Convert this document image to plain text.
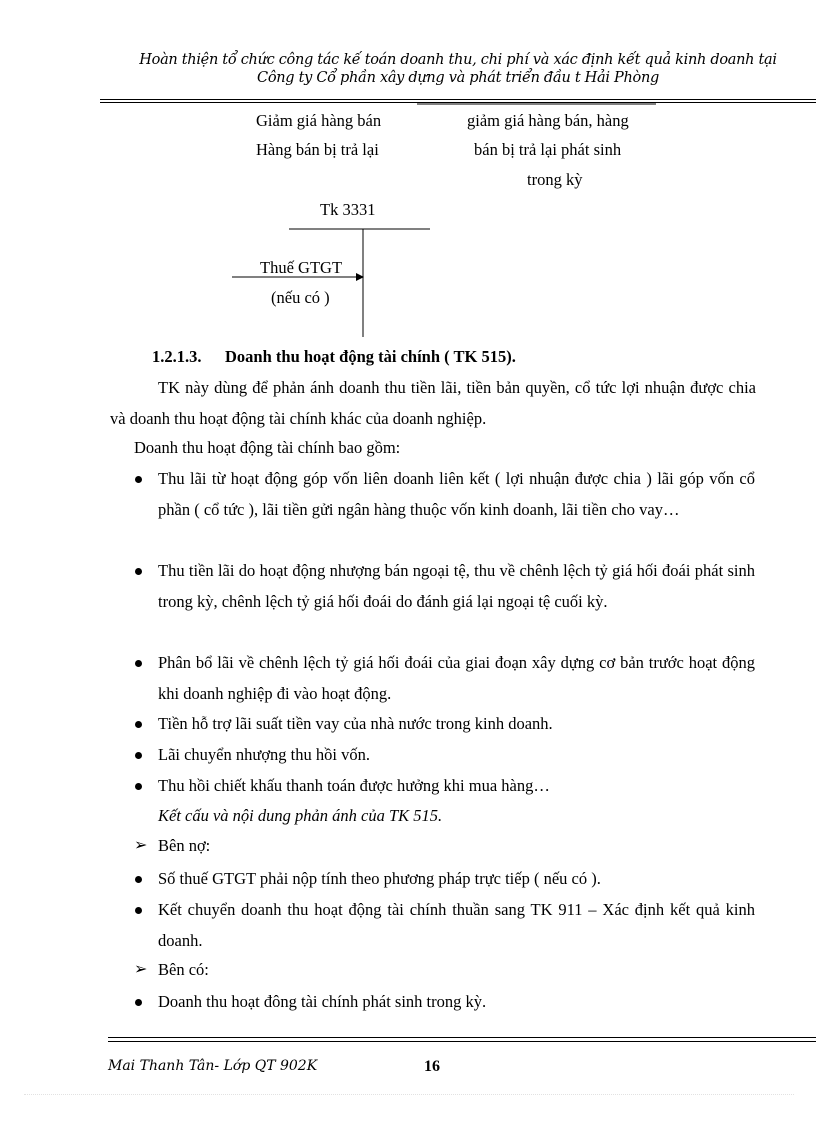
Hoàn thiện tổ chức công tác kế toán doanh thu, chi phí và xác định kết quả kinh doanh tại
Công ty Cổ phần xây dựng và phát triển đầu t Hải Phòng
Giảm giá hàng bán
Hàng bán bị trả lại
giảm giá hàng bán, hàng
bán bị trả lại phát sinh
trong kỳ
Tk 3331
Thuế GTGT
(nếu có )
1.2.1.3. Doanh thu hoạt động tài chính ( TK 515).
TK này dùng để phản ánh doanh thu tiền lãi, tiền bản quyền, cổ tức lợi nhuận được chia và doanh thu hoạt động tài chính khác của doanh nghiệp.
Doanh thu hoạt động tài chính bao gồm:
Thu lãi từ hoạt động góp vốn liên doanh liên kết ( lợi nhuận được chia ) lãi góp vốn cổ phần ( cổ tức ), lãi tiền gửi ngân hàng thuộc vốn kinh doanh, lãi tiền cho vay…
Thu tiền lãi do hoạt động nhượng bán ngoại tệ, thu về chênh lệch tỷ giá hối đoái phát sinh trong kỳ, chênh lệch tỷ giá hối đoái do đánh giá lại ngoại tệ cuối kỳ.
Phân bổ lãi về chênh lệch tỷ giá hối đoái của giai đoạn xây dựng cơ bản trước hoạt động khi doanh nghiệp đi vào hoạt động.
Tiền hỗ trợ lãi suất tiền vay của nhà nước trong kinh doanh.
Lãi chuyển nhượng thu hồi vốn.
Thu hồi chiết khấu thanh toán được hưởng khi mua hàng…
Kết cấu và nội dung phản ánh của TK 515.
➢ Bên nợ:
Số thuế GTGT phải nộp tính theo phương pháp trực tiếp ( nếu có ).
Kết chuyển doanh thu hoạt động tài chính thuần sang TK 911 – Xác định kết quả kinh doanh.
➢ Bên có:
Doanh thu hoạt đông tài chính phát sinh trong kỳ.
Mai Thanh Tân- Lớp QT 902K	16
